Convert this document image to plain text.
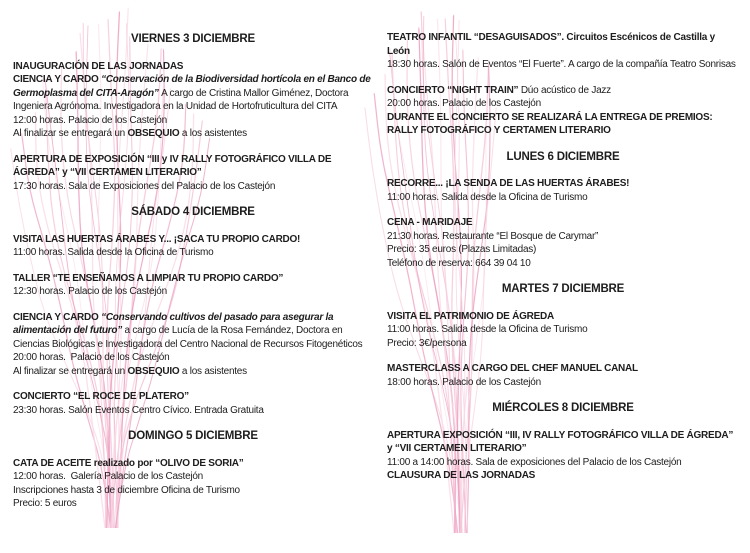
VIERNES 3 DICIEMBRE
INAUGURACIÓN DE LAS JORNADAS
CIENCIA Y CARDO “Conservación de la Biodiversidad hortícola en el Banco de Germoplasma del CITA-Aragón” A cargo de Cristina Mallor Giménez, Doctora Ingeniera Agrónoma. Investigadora en la Unidad de Hortofruticultura del CITA
12:00 horas. Palacio de los Castejón
Al finalizar se entregará un OBSEQUIO a los asistentes
APERTURA DE EXPOSICIÓN “III y IV RALLY FOTOGRÁFICO VILLA DE ÁGREDA” y “VII CERTAMEN LITERARIO”
17:30 horas. Sala de Exposiciones del Palacio de los Castejón
SÁBADO 4 DICIEMBRE
VISITA LAS HUERTAS ÁRABES Y... ¡SACA TU PROPIO CARDO!
11:00 horas. Salida desde la Oficina de Turismo
TALLER “TE ENSEÑAMOS A LIMPIAR TU PROPIO CARDO”
12:30 horas. Palacio de los Castejón
CIENCIA Y CARDO “Conservando cultivos del pasado para asegurar la alimentación del futuro” a cargo de Lucía de la Rosa Fernández, Doctora en Ciencias Biológicas e Investigadora del Centro Nacional de Recursos Fitogenéticos
20:00 horas.  Palacio de los Castejón
Al finalizar se entregará un OBSEQUIO a los asistentes
CONCIERTO “EL ROCE DE PLATERO”
23:30 horas. Salón Eventos Centro Cívico. Entrada Gratuita
DOMINGO 5 DICIEMBRE
CATA DE ACEITE realizado por “OLIVO DE SORIA”
12:00 horas.  Galería Palacio de los Castejón
Inscripciones hasta 3 de diciembre Oficina de Turismo
Precio: 5 euros
TEATRO INFANTIL “DESAGUISADOS”. Circuitos Escénicos de Castilla y León
18:30 horas. Salón de Eventos “El Fuerte”. A cargo de la compañía Teatro Sonrisas
CONCIERTO “NIGHT TRAIN” Dúo acústico de Jazz
20:00 horas. Palacio de los Castejón
DURANTE EL CONCIERTO SE REALIZARÁ LA ENTREGA DE PREMIOS:
RALLY FOTOGRÁFICO Y CERTAMEN LITERARIO
LUNES 6 DICIEMBRE
RECORRE... ¡LA SENDA DE LAS HUERTAS ÁRABES!
11:00 horas. Salida desde la Oficina de Turismo
CENA - MARIDAJE
21:30 horas. Restaurante “El Bosque de Carymar”
Precio: 35 euros (Plazas Limitadas)
Teléfono de reserva: 664 39 04 10
MARTES 7 DICIEMBRE
VISITA EL PATRIMONIO DE ÁGREDA
11:00 horas. Salida desde la Oficina de Turismo
Precio: 3€/persona
MASTERCLASS A CARGO DEL CHEF MANUEL CANAL
18:00 horas. Palacio de los Castejón
MIÉRCOLES 8 DICIEMBRE
APERTURA EXPOSICIÓN “III, IV RALLY FOTOGRÁFICO VILLA DE ÁGREDA” y “VII CERTAMEN LITERARIO”
11:00 a 14:00 horas. Sala de exposiciones del Palacio de los Castejón
CLAUSURA DE LAS JORNADAS
